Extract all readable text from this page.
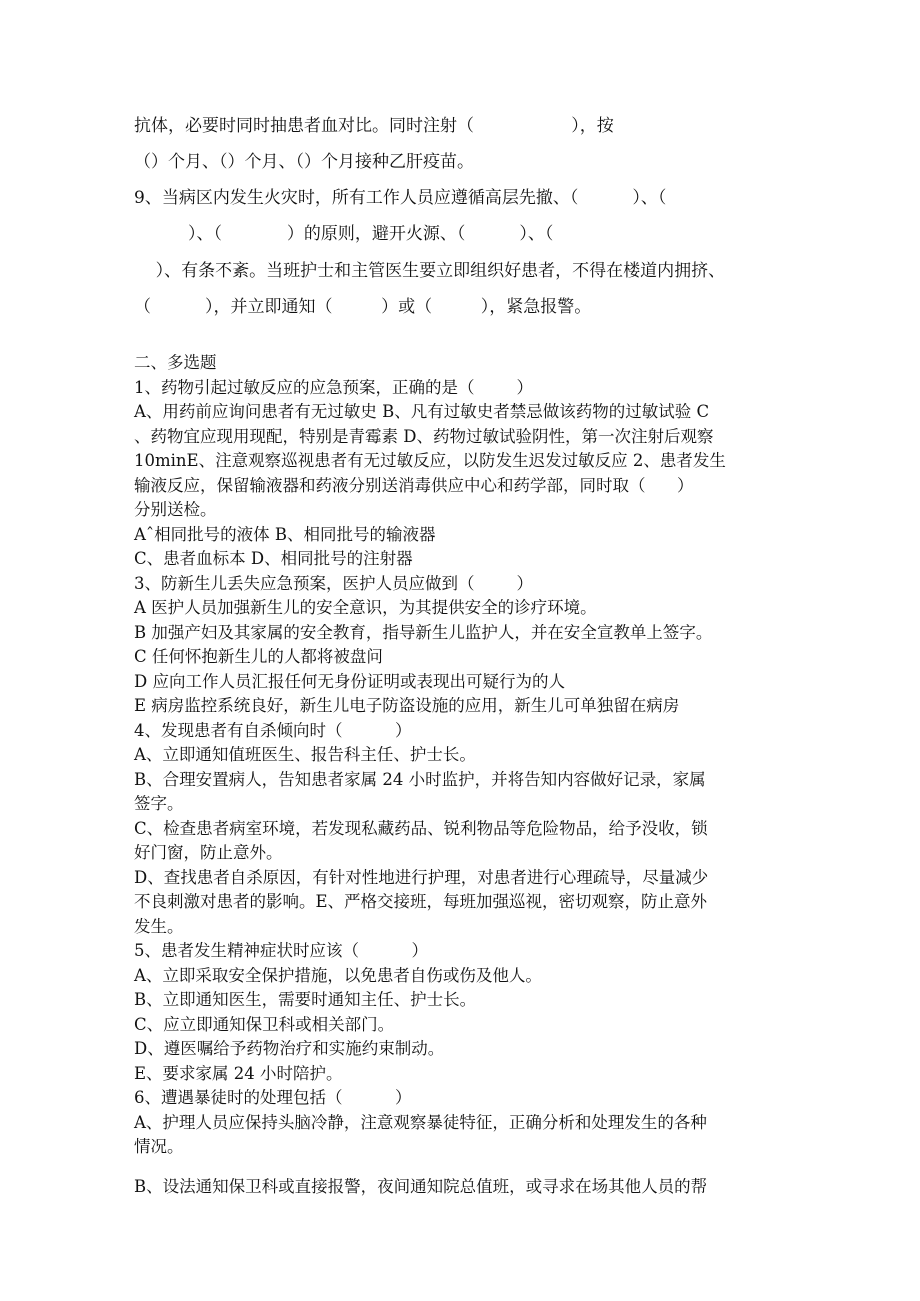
抗体，必要时同时抽患者血对比。同时注射（                  ），按

（）个月、（）个月、（）个月接种乙肝疫苗。

9、当病区内发生火灾时，所有工作人员应遵循高层先撤、（          ）、（

）、（            ）的原则，避开火源、（          ）、（

）、有条不紊。当班护士和主管医生要立即组织好患者，不得在楼道内拥挤、

（          ），并立即通知（         ）或（         ），紧急报警。

二、多选题

1、药物引起过敏反应的应急预案，正确的是（        ）

A、用药前应询问患者有无过敏史 B、凡有过敏史者禁忌做该药物的过敏试验 C

、药物宜应现用现配，特别是青霉素 D、药物过敏试验阴性，第一次注射后观察

10minE、注意观察巡视患者有无过敏反应，以防发生迟发过敏反应 2、患者发生

输液反应，保留输液器和药液分别送消毒供应中心和药学部，同时取（      ）

分别送检。

Aˆ相同批号的液体 B、相同批号的输液器

C、患者血标本 D、相同批号的注射器

3、防新生儿丢失应急预案，医护人员应做到（        ）

A 医护人员加强新生儿的安全意识，为其提供安全的诊疗环境。

B 加强产妇及其家属的安全教育，指导新生儿监护人，并在安全宣教单上签字。

C 任何怀抱新生儿的人都将被盘问

D 应向工作人员汇报任何无身份证明或表现出可疑行为的人

E 病房监控系统良好，新生儿电子防盗设施的应用，新生儿可单独留在病房

4、发现患者有自杀倾向时（          ）

A、立即通知值班医生、报告科主任、护士长。

B、合理安置病人，告知患者家属 24 小时监护，并将告知内容做好记录，家属

签字。

C、检查患者病室环境，若发现私藏药品、锐利物品等危险物品，给予没收，锁

好门窗，防止意外。

D、查找患者自杀原因，有针对性地进行护理，对患者进行心理疏导，尽量减少

不良刺激对患者的影响。E、严格交接班，每班加强巡视，密切观察，防止意外

发生。

5、患者发生精神症状时应该（          ）

A、立即采取安全保护措施，以免患者自伤或伤及他人。

B、立即通知医生，需要时通知主任、护士长。

C、应立即通知保卫科或相关部门。

D、遵医嘱给予药物治疗和实施约束制动。

E、要求家属 24 小时陪护。

6、遭遇暴徒时的处理包括（          ）

A、护理人员应保持头脑冷静，注意观察暴徒特征，正确分析和处理发生的各种

情况。

B、设法通知保卫科或直接报警，夜间通知院总值班，或寻求在场其他人员的帮
